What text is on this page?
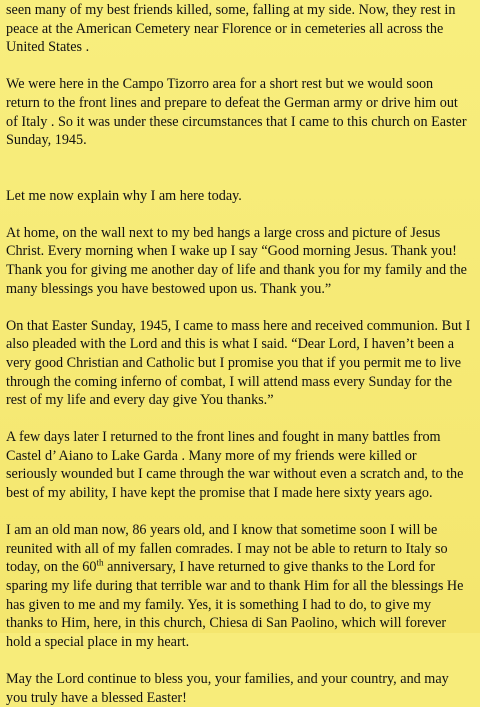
seen many of my best friends killed, some, falling at my side. Now, they rest in
peace at the American Cemetery near Florence or in cemeteries all across the
United States .

We were here in the Campo Tizorro area for a short rest but we would soon
return to the front lines and prepare to defeat the German army or drive him out
of Italy . So it was under these circumstances that I came to this church on Easter
Sunday, 1945.

Let me now explain why I am here today.

At home, on the wall next to my bed hangs a large cross and picture of Jesus
Christ. Every morning when I wake up I say “Good morning Jesus. Thank you!
Thank you for giving me another day of life and thank you for my family and the
many blessings you have bestowed upon us. Thank you.”

On that Easter Sunday, 1945, I came to mass here and received communion. But I
also pleaded with the Lord and this is what I said. “Dear Lord, I haven’t been a
very good Christian and Catholic but I promise you that if you permit me to live
through the coming inferno of combat, I will attend mass every Sunday for the
rest of my life and every day give You thanks.”

A few days later I returned to the front lines and fought in many battles from
Castel d’ Aiano to Lake Garda . Many more of my friends were killed or
seriously wounded but I came through the war without even a scratch and, to the
best of my ability, I have kept the promise that I made here sixty years ago.

I am an old man now, 86 years old, and I know that sometime soon I will be
reunited with all of my fallen comrades. I may not be able to return to Italy so
today, on the 60th anniversary, I have returned to give thanks to the Lord for
sparing my life during that terrible war and to thank Him for all the blessings He
has given to me and my family. Yes, it is something I had to do, to give my
thanks to Him, here, in this church, Chiesa di San Paolino, which will forever
hold a special place in my heart.

May the Lord continue to bless you, your families, and your country, and may
you truly have a blessed Easter!
